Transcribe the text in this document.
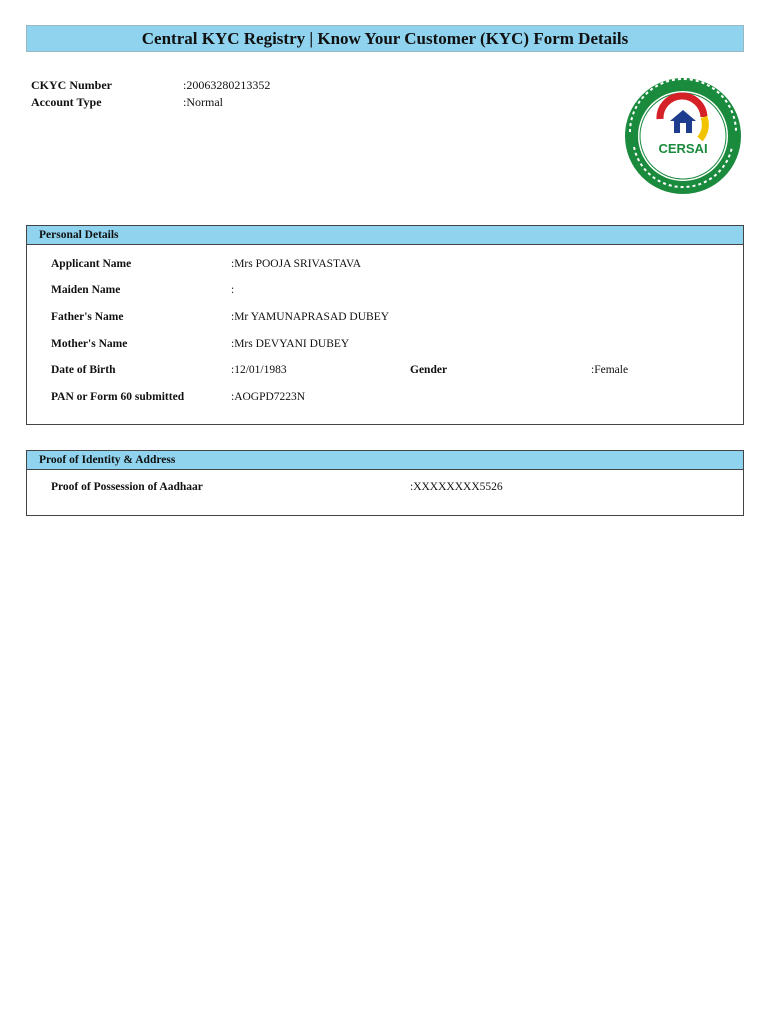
Central KYC Registry | Know Your Customer (KYC) Form Details
CKYC Number	:20063280213352
Account Type	:Normal
CERSAI
Personal Details
Applicant Name	:Mrs POOJA SRIVASTAVA
Maiden Name	:
Father's Name	:Mr YAMUNAPRASAD DUBEY
Mother's Name	:Mrs DEVYANI DUBEY
Date of Birth	:12/01/1983	Gender	:Female
PAN or Form 60 submitted	:AOGPD7223N
Proof of Identity & Address
Proof of Possession of Aadhaar	:XXXXXXXX5526
